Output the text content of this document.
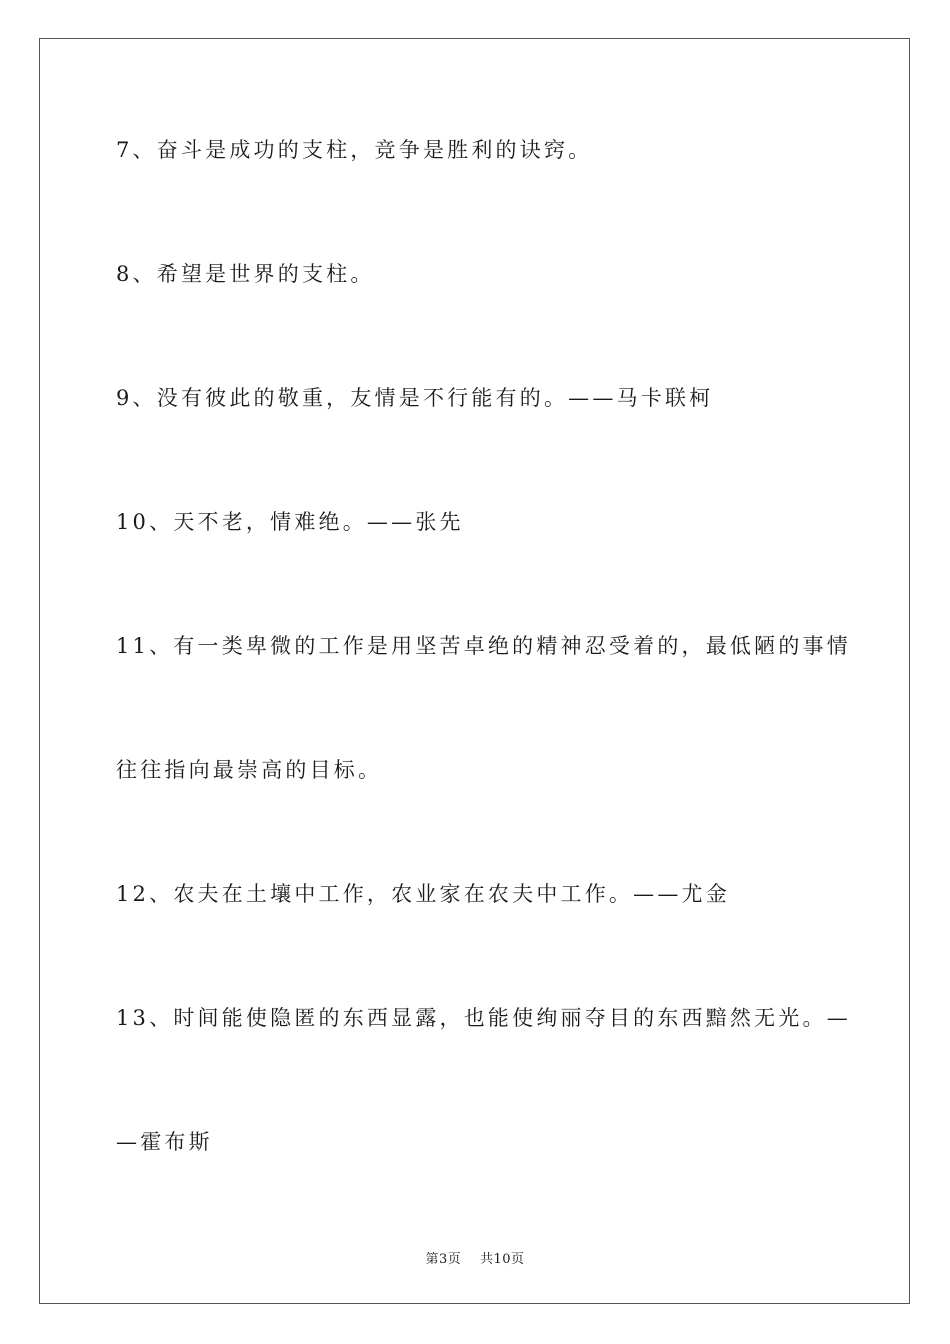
7、奋斗是成功的支柱，竞争是胜利的诀窍。
8、希望是世界的支柱。
9、没有彼此的敬重，友情是不行能有的。——马卡联柯
10、天不老，情难绝。——张先
11、有一类卑微的工作是用坚苦卓绝的精神忍受着的，最低陋的事情
往往指向最崇高的目标。
12、农夫在土壤中工作，农业家在农夫中工作。——尤金
13、时间能使隐匿的东西显露，也能使绚丽夺目的东西黯然无光。—
—霍布斯
第3页 共10页
